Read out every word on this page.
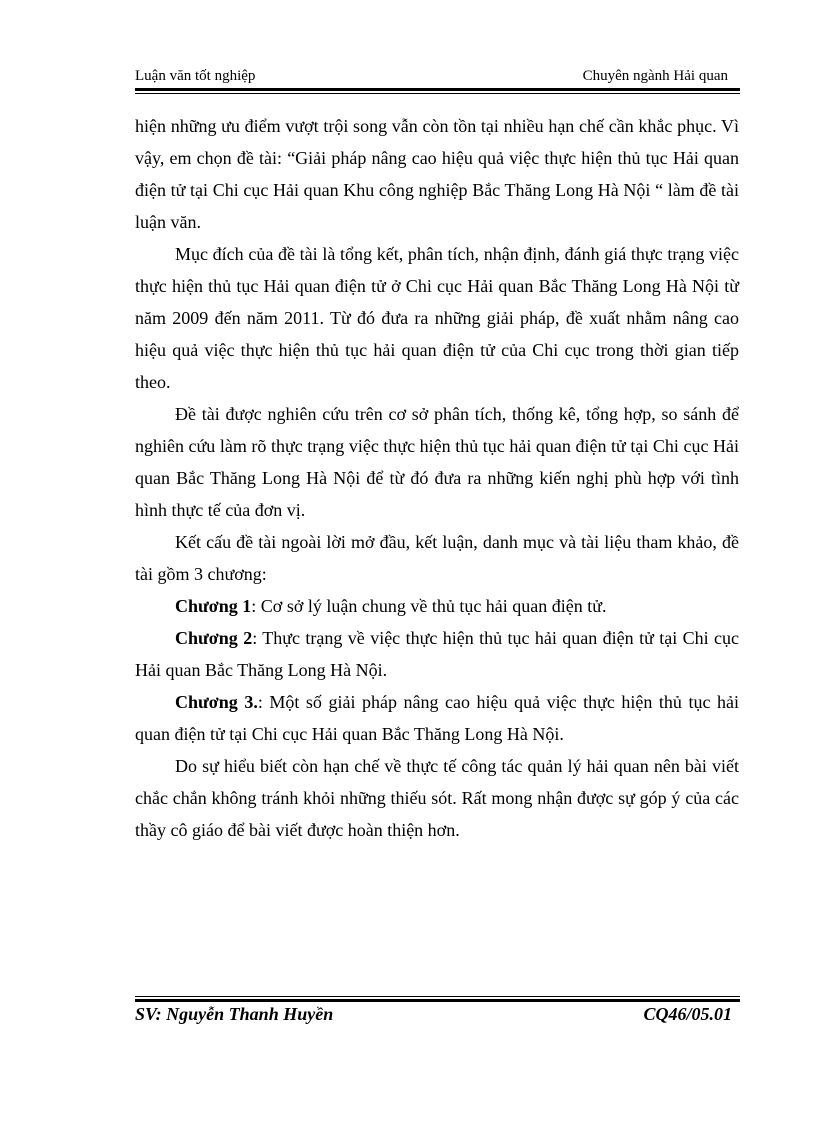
Luận văn tốt nghiệp	Chuyên ngành Hải quan

hiện những ưu điểm vượt trội song vẫn còn tồn tại nhiều hạn chế cần khắc phục. Vì vậy, em chọn đề tài: “Giải pháp nâng cao hiệu quả việc thực hiện thủ tục Hải quan điện tử tại Chi cục Hải quan Khu công nghiệp Bắc Thăng Long Hà Nội “ làm đề tài luận văn.

Mục đích của đề tài là tổng kết, phân tích, nhận định, đánh giá thực trạng việc thực hiện thủ tục Hải quan điện tử ở Chi cục Hải quan Bắc Thăng Long Hà Nội từ năm 2009 đến năm 2011. Từ đó đưa ra những giải pháp, đề xuất nhằm nâng cao hiệu quả việc thực hiện thủ tục hải quan điện tử của Chi cục trong thời gian tiếp theo.

Đề tài được nghiên cứu trên cơ sở phân tích, thống kê, tổng hợp, so sánh để nghiên cứu làm rõ thực trạng việc thực hiện thủ tục hải quan điện tử tại Chi cục Hải quan Bắc Thăng Long Hà Nội để từ đó đưa ra những kiến nghị phù hợp với tình hình thực tế của đơn vị.

Kết cấu đề tài ngoài lời mở đầu, kết luận, danh mục và tài liệu tham khảo, đề tài gồm 3 chương:

Chương 1: Cơ sở lý luận chung về thủ tục hải quan điện tử.

Chương 2: Thực trạng về việc thực hiện thủ tục hải quan điện tử tại Chi cục Hải quan Bắc Thăng Long Hà Nội.

Chương 3.: Một số giải pháp nâng cao hiệu quả việc thực hiện thủ tục hải quan điện tử tại Chi cục Hải quan Bắc Thăng Long Hà Nội.

Do sự hiểu biết còn hạn chế về thực tế công tác quản lý hải quan nên bài viết chắc chắn không tránh khỏi những thiếu sót. Rất mong nhận được sự góp ý của các thầy cô giáo để bài viết được hoàn thiện hơn.

SV: Nguyễn Thanh Huyền	CQ46/05.01
